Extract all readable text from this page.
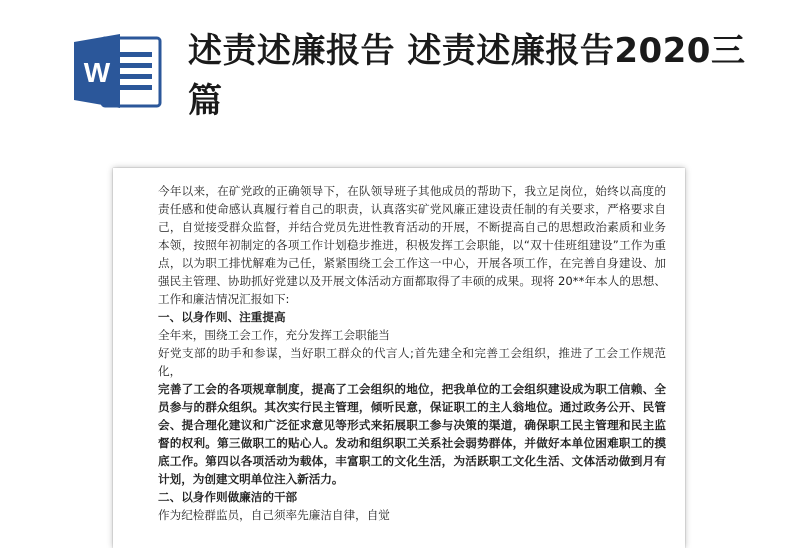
W
述责述廉报告 述责述廉报告2020三篇

今年以来，在矿党政的正确领导下，在队领导班子其他成员的帮助下，我立足岗位，始终以高度的责任感和使命感认真履行着自己的职责，认真落实矿党风廉正建设责任制的有关要求，严格要求自己，自觉接受群众监督，并结合党员先进性教育活动的开展，不断提高自己的思想政治素质和业务本领，按照年初制定的各项工作计划稳步推进，积极发挥工会职能，以“双十佳班组建设”工作为重点，以为职工排忧解难为己任，紧紧围绕工会工作这一中心，开展各项工作，在完善自身建设、加强民主管理、协助抓好党建以及开展文体活动方面都取得了丰硕的成果。现将 20**年本人的思想、工作和廉洁情况汇报如下:

一、以身作则、注重提高

全年来，围绕工会工作，充分发挥工会职能当

好党支部的助手和参谋，当好职工群众的代言人;首先建全和完善工会组织，推进了工会工作规范化，

完善了工会的各项规章制度，提高了工会组织的地位，把我单位的工会组织建设成为职工信赖、全员参与的群众组织。其次实行民主管理，倾听民意，保证职工的主人翁地位。通过政务公开、民管会、提合理化建议和广泛征求意见等形式来拓展职工参与决策的渠道，确保职工民主管理和民主监督的权利。第三做职工的贴心人。发动和组织职工关系社会弱势群体，并做好本单位困难职工的摸底工作。第四以各项活动为载体，丰富职工的文化生活，为活跃职工文化生活、文体活动做到月有计划，为创建文明单位注入新活力。

二、以身作则做廉洁的干部

作为纪检群监员，自己须率先廉洁自律，自觉
